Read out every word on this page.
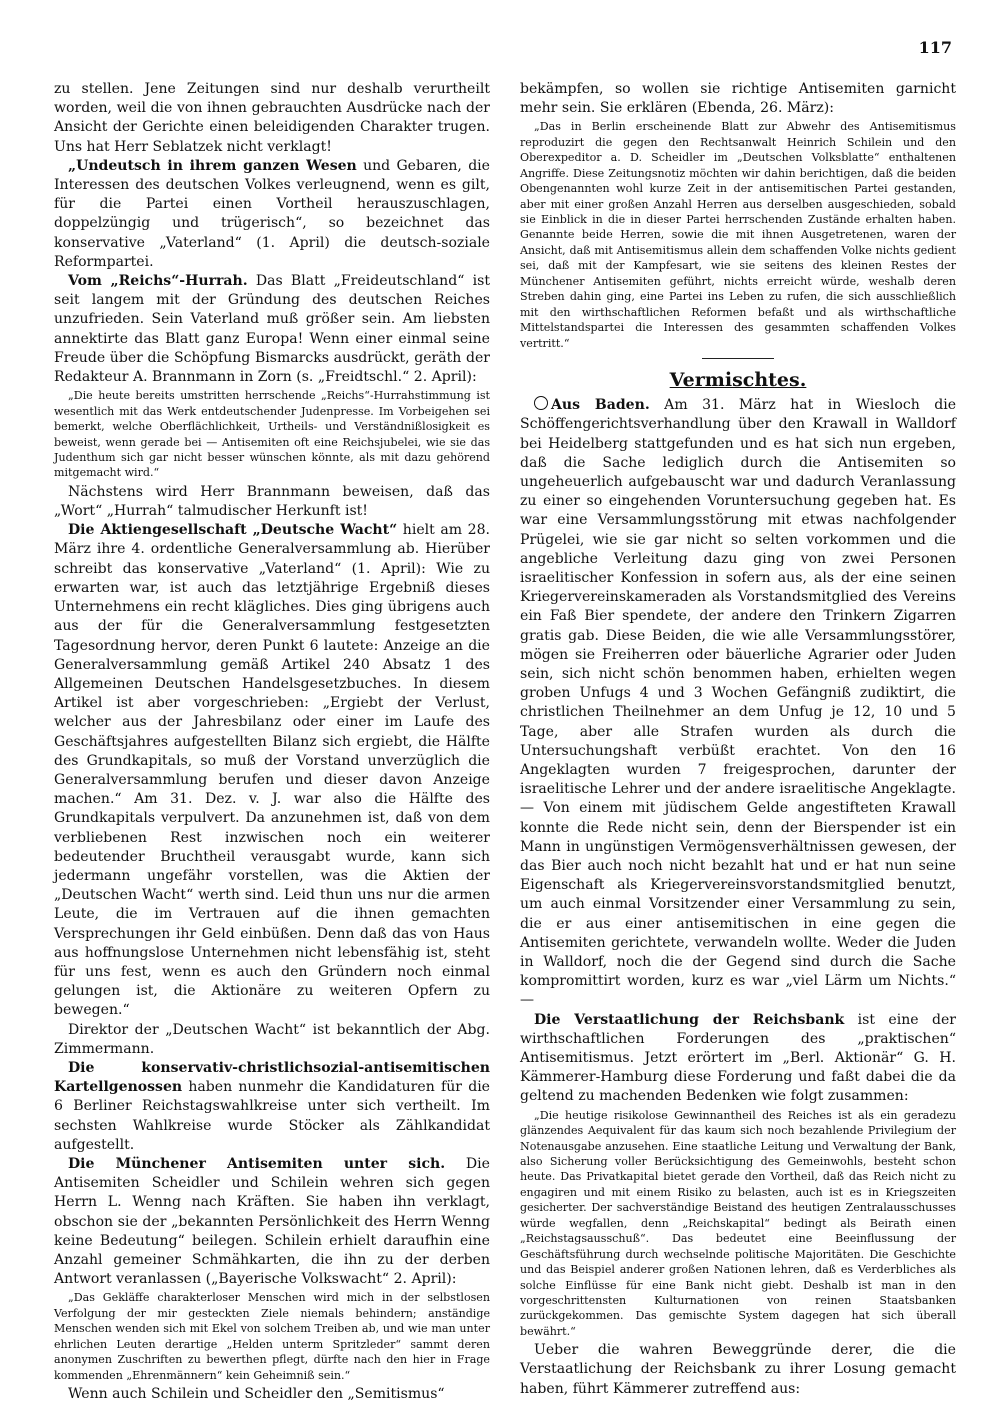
117

zu stellen. Jene Zeitungen sind nur deshalb verurtheilt worden, weil die von ihnen gebrauchten Ausdrücke nach der Ansicht der Gerichte einen beleidigenden Charakter trugen. Uns hat Herr Seblatzek nicht verklagt!

„Undeutsch in ihrem ganzen Wesen und Gebaren, die Interessen des deutschen Volkes verleugnend, wenn es gilt, für die Partei einen Vortheil herauszuschlagen, doppelzüngig und trügerisch“, so bezeichnet das konservative „Vaterland“ (1. April) die deutsch-soziale Reformpartei.

Vom „Reichs“-Hurrah. Das Blatt „Freideutschland“ ist seit langem mit der Gründung des deutschen Reiches unzufrieden. Sein Vaterland muß größer sein. Am liebsten annektirte das Blatt ganz Europa! Wenn einer einmal seine Freude über die Schöpfung Bismarcks ausdrückt, geräth der Redakteur A. Brannmann in Zorn (s. „Freidtschl.“ 2. April):

„Die heute bereits umstritten herrschende „Reichs“-Hurrahstimmung ist wesentlich mit das Werk entdeutschender Judenpresse. Im Vorbeigehen sei bemerkt, welche Oberflächlichkeit, Urtheils- und Verständnißlosigkeit es beweist, wenn gerade bei — Antisemiten oft eine Reichsjubelei, wie sie das Judenthum sich gar nicht besser wünschen könnte, als mit dazu gehörend mitgemacht wird.“

Nächstens wird Herr Brannmann beweisen, daß das „Wort“ „Hurrah“ talmudischer Herkunft ist!

Die Aktiengesellschaft „Deutsche Wacht“ hielt am 28. März ihre 4. ordentliche Generalversammlung ab. Hierüber schreibt das konservative „Vaterland“ (1. April): Wie zu erwarten war, ist auch das letztjährige Ergebniß dieses Unternehmens ein recht klägliches. Dies ging übrigens auch aus der für die Generalversammlung festgesetzten Tagesordnung hervor, deren Punkt 6 lautete: Anzeige an die Generalversammlung gemäß Artikel 240 Absatz 1 des Allgemeinen Deutschen Handelsgesetzbuches. In diesem Artikel ist aber vorgeschrieben: „Ergiebt der Verlust, welcher aus der Jahresbilanz oder einer im Laufe des Geschäftsjahres aufgestellten Bilanz sich ergiebt, die Hälfte des Grundkapitals, so muß der Vorstand unverzüglich die Generalversammlung berufen und dieser davon Anzeige machen.“ Am 31. Dez. v. J. war also die Hälfte des Grundkapitals verpulvert. Da anzunehmen ist, daß von dem verbliebenen Rest inzwischen noch ein weiterer bedeutender Bruchtheil verausgabt wurde, kann sich jedermann ungefähr vorstellen, was die Aktien der „Deutschen Wacht“ werth sind. Leid thun uns nur die armen Leute, die im Vertrauen auf die ihnen gemachten Versprechungen ihr Geld einbüßen. Denn daß das von Haus aus hoffnungslose Unternehmen nicht lebensfähig ist, steht für uns fest, wenn es auch den Gründern noch einmal gelungen ist, die Aktionäre zu weiteren Opfern zu bewegen.“

Direktor der „Deutschen Wacht“ ist bekanntlich der Abg. Zimmermann.

Die konservativ-christlichsozial-antisemitischen Kartellgenossen haben nunmehr die Kandidaturen für die 6 Berliner Reichstagswahlkreise unter sich vertheilt. Im sechsten Wahlkreise wurde Stöcker als Zählkandidat aufgestellt.

Die Münchener Antisemiten unter sich. Die Antisemiten Scheidler und Schilein wehren sich gegen Herrn L. Wenng nach Kräften. Sie haben ihn verklagt, obschon sie der „bekannten Persönlichkeit des Herrn Wenng keine Bedeutung“ beilegen. Schilein erhielt daraufhin eine Anzahl gemeiner Schmähkarten, die ihn zu der derben Antwort veranlassen („Bayerische Volkswacht“ 2. April):

„Das Gekläffe charakterloser Menschen wird mich in der selbstlosen Verfolgung der mir gesteckten Ziele niemals behindern; anständige Menschen wenden sich mit Ekel von solchem Treiben ab, und wie man unter ehrlichen Leuten derartige „Helden unterm Spritzleder“ sammt deren anonymen Zuschriften zu bewerthen pflegt, dürfte nach den hier in Frage kommenden „Ehrenmännern“ kein Geheimniß sein.“

Wenn auch Schilein und Scheidler den „Semitismus“

bekämpfen, so wollen sie richtige Antisemiten garnicht mehr sein. Sie erklären (Ebenda, 26. März):

„Das in Berlin erscheinende Blatt zur Abwehr des Antisemitismus reproduzirt die gegen den Rechtsanwalt Heinrich Schilein und den Oberexpeditor a. D. Scheidler im „Deutschen Volksblatte“ enthaltenen Angriffe. Diese Zeitungsnotiz möchten wir dahin berichtigen, daß die beiden Obengenannten wohl kurze Zeit in der antisemitischen Partei gestanden, aber mit einer großen Anzahl Herren aus derselben ausgeschieden, sobald sie Einblick in die in dieser Partei herrschenden Zustände erhalten haben. Genannte beide Herren, sowie die mit ihnen Ausgetretenen, waren der Ansicht, daß mit Antisemitismus allein dem schaffenden Volke nichts gedient sei, daß mit der Kampfesart, wie sie seitens des kleinen Restes der Münchener Antisemiten geführt, nichts erreicht würde, weshalb deren Streben dahin ging, eine Partei ins Leben zu rufen, die sich ausschließlich mit den wirthschaftlichen Reformen befaßt und als wirthschaftliche Mittelstandspartei die Interessen des gesammten schaffenden Volkes vertritt.“

Vermischtes.

Aus Baden. Am 31. März hat in Wiesloch die Schöffengerichtsverhandlung über den Krawall in Walldorf bei Heidelberg stattgefunden und es hat sich nun ergeben, daß die Sache lediglich durch die Antisemiten so ungeheuerlich aufgebauscht war und dadurch Veranlassung zu einer so eingehenden Voruntersuchung gegeben hat. Es war eine Versammlungsstörung mit etwas nachfolgender Prügelei, wie sie gar nicht so selten vorkommen und die angebliche Verleitung dazu ging von zwei Personen israelitischer Konfession in sofern aus, als der eine seinen Kriegervereinskameraden als Vorstandsmitglied des Vereins ein Faß Bier spendete, der andere den Trinkern Zigarren gratis gab. Diese Beiden, die wie alle Versammlungsstörer, mögen sie Freiherren oder bäuerliche Agrarier oder Juden sein, sich nicht schön benommen haben, erhielten wegen groben Unfugs 4 und 3 Wochen Gefängniß zudiktirt, die christlichen Theilnehmer an dem Unfug je 12, 10 und 5 Tage, aber alle Strafen wurden als durch die Untersuchungshaft verbüßt erachtet. Von den 16 Angeklagten wurden 7 freigesprochen, darunter der israelitische Lehrer und der andere israelitische Angeklagte. — Von einem mit jüdischem Gelde angestifteten Krawall konnte die Rede nicht sein, denn der Bierspender ist ein Mann in ungünstigen Vermögensverhältnissen gewesen, der das Bier auch noch nicht bezahlt hat und er hat nun seine Eigenschaft als Kriegervereinsvorstandsmitglied benutzt, um auch einmal Vorsitzender einer Versammlung zu sein, die er aus einer antisemitischen in eine gegen die Antisemiten gerichtete, verwandeln wollte. Weder die Juden in Walldorf, noch die der Gegend sind durch die Sache kompromittirt worden, kurz es war „viel Lärm um Nichts.“ —

Die Verstaatlichung der Reichsbank ist eine der wirthschaftlichen Forderungen des „praktischen“ Antisemitismus. Jetzt erörtert im „Berl. Aktionär“ G. H. Kämmerer-Hamburg diese Forderung und faßt dabei die da geltend zu machenden Bedenken wie folgt zusammen:

„Die heutige risikolose Gewinnantheil des Reiches ist als ein geradezu glänzendes Aequivalent für das kaum sich noch bezahlende Privilegium der Notenausgabe anzusehen. Eine staatliche Leitung und Verwaltung der Bank, also Sicherung voller Berücksichtigung des Gemeinwohls, besteht schon heute. Das Privatkapital bietet gerade den Vortheil, daß das Reich nicht zu engagiren und mit einem Risiko zu belasten, auch ist es in Kriegszeiten gesicherter. Der sachverständige Beistand des heutigen Zentralausschusses würde wegfallen, denn „Reichskapital“ bedingt als Beirath einen „Reichstagsausschuß“. Das bedeutet eine Beeinflussung der Geschäftsführung durch wechselnde politische Majoritäten. Die Geschichte und das Beispiel anderer großen Nationen lehren, daß es Verderbliches als solche Einflüsse für eine Bank nicht giebt. Deshalb ist man in den vorgeschrittensten Kulturnationen von reinen Staatsbanken zurückgekommen. Das gemischte System dagegen hat sich überall bewährt.“

Ueber die wahren Beweggründe derer, die die Verstaatlichung der Reichsbank zu ihrer Losung gemacht haben, führt Kämmerer zutreffend aus:
